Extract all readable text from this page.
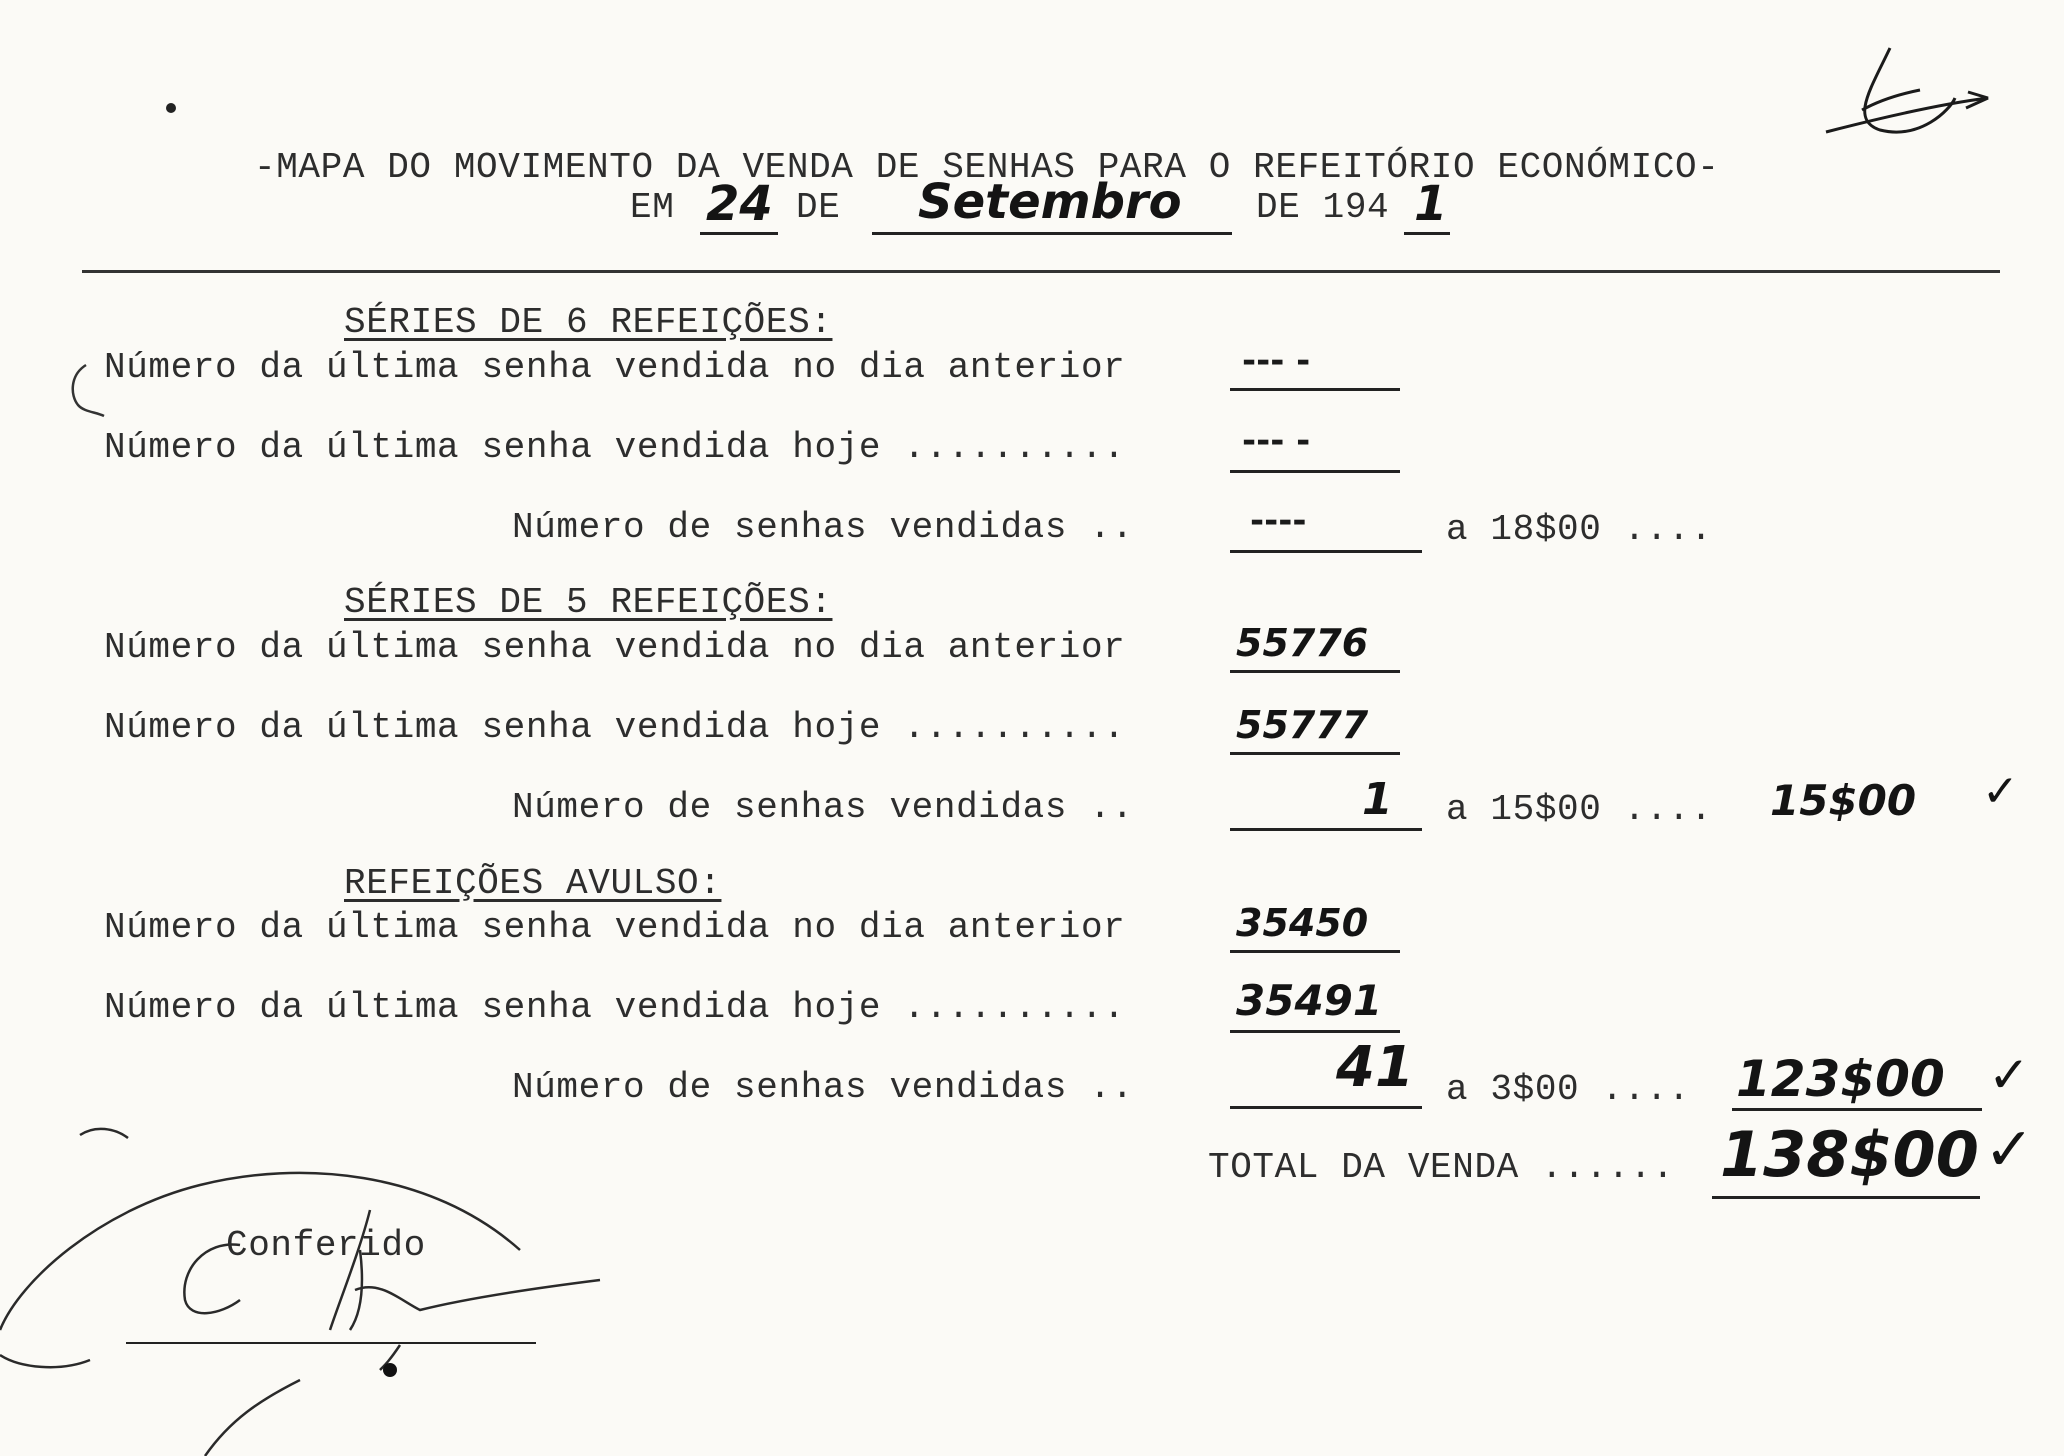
-MAPA DO MOVIMENTO DA VENDA DE SENHAS PARA O REFEITÓRIO ECONÓMICO-
EM 24 DE Setembro DE 194 1
SÉRIES DE 6 REFEIÇÕES:
Número da última senha vendida no dia anterior	--- -
Número da última senha vendida hoje ..........	--- -
Número de senhas vendidas ..	----	a 18$00 ....
SÉRIES DE 5 REFEIÇÕES:
Número da última senha vendida no dia anterior	55776
Número da última senha vendida hoje ..........	55777
Número de senhas vendidas ..	1 a 15$00 .... 15$00 ✓
REFEIÇÕES AVULSO:
Número da última senha vendida no dia anterior	35450
Número da última senha vendida hoje ..........	35491
Número de senhas vendidas ..	41 a 3$00 .... 123$00 ✓
TOTAL DA VENDA ...... 138$00 ✓
Conferido
